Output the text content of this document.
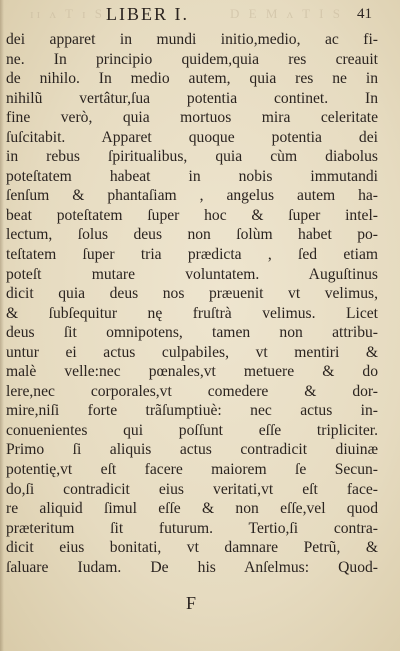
ɪɪ ʌ T ɪ S	D E M ʌ T I S
LIBER I.	41
dei apparet in mundi initio,medio, ac fi-
ne. In principio quidem,quia res creauit
de nihilo. In medio autem, quia res ne in
nihilũ vertâtur,ſua potentia continet. In
fine verò, quia mortuos mira celeritate
ſuſcitabit. Apparet quoque potentia dei
in rebus ſpiritualibus, quia cùm diabolus
poteſtatem habeat in nobis immutandi
ſenſum & phantaſiam , angelus autem ha-
beat poteſtatem ſuper hoc & ſuper intel-
lectum, ſolus deus non ſolùm habet po-
teſtatem ſuper tria prædicta , ſed etiam
poteſt mutare voluntatem. Auguſtinus
dicit quia deus nos præuenit vt velimus,
& ſubſequitur nę fruſtrà velimus. Licet
deus ſit omnipotens, tamen non attribu-
untur ei actus culpabiles, vt mentiri &
malè velle:nec pœnales,vt metuere & do
lere,nec corporales,vt comedere & dor-
mire,niſi forte trãſumptiuè: nec actus in-
conuenientes qui poſſunt eſſe tripliciter.
Primo ſi aliquis actus contradicit diuinæ
potentię,vt eſt facere maiorem ſe Secun-
do,ſi contradicit eius veritati,vt eſt face-
re aliquid ſimul eſſe & non eſſe,vel quod
præteritum ſit futurum. Tertio,ſi contra-
dicit eius bonitati, vt damnare Petrũ, &
ſaluare Iudam. De his Anſelmus: Quod-
F
